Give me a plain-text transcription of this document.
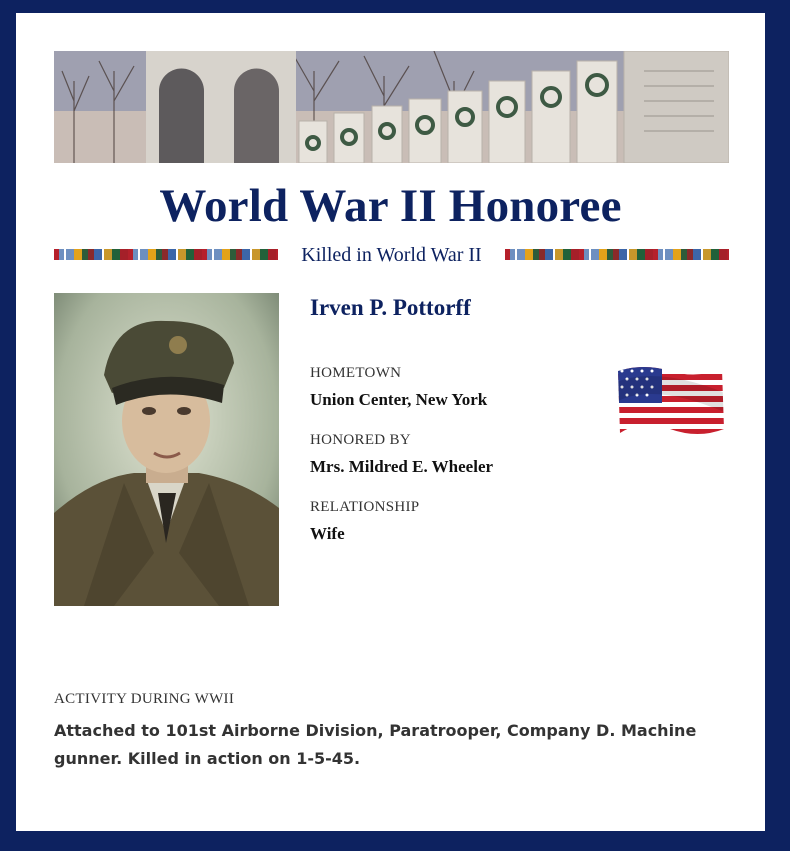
World War II Honoree
Killed in World War II
Irven P. Pottorff
HOMETOWN
Union Center, New York
HONORED BY
Mrs. Mildred E. Wheeler
RELATIONSHIP
Wife
ACTIVITY DURING WWII
Attached to 101st Airborne Division, Paratrooper, Company D. Machine gunner. Killed in action on 1-5-45.
